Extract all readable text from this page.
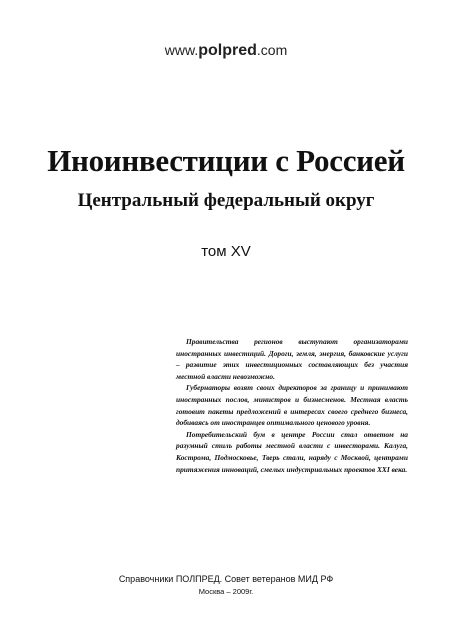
www.polpred.com
Иноинвестиции с Россией
Центральный федеральный округ
том XV

Правительства регионов выступают организаторами иностранных инвестиций. Дороги, земля, энергия, банковские услуги – развитие этих инвестиционных составляющих без участия местной власти невозможно.

Губернаторы возят своих директоров за границу и принимают иностранных послов, министров и бизнесменов. Местная власть готовит пакеты предложений в интересах своего среднего бизнеса, добиваясь от иностранцев оптимального ценового уровня.

Потребительский бум в центре России стал ответом на разумный стиль работы местной власти с инвесторами. Калуга, Кострома, Подмосковье, Тверь стали, наряду с Москвой, центрами притяжения инноваций, смелых индустриальных проектов XXI века.

Справочники ПОЛПРЕД. Совет ветеранов МИД РФ
Москва – 2009г.
